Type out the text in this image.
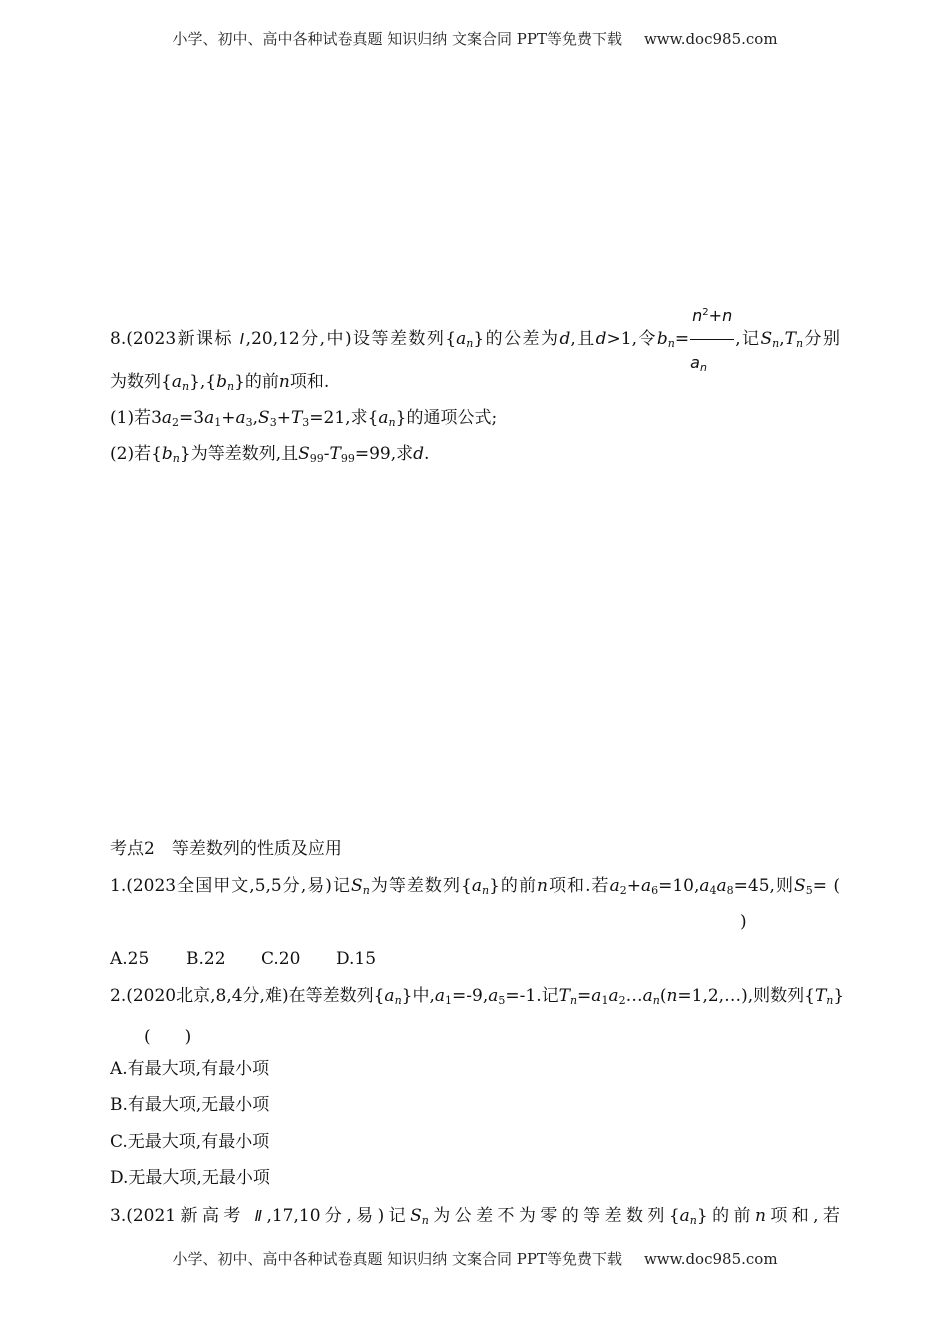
小学、初中、高中各种试卷真题 知识归纳 文案合同 PPT等免费下载 www.doc985.com
8.(2023新课标 Ⅰ,20,12分,中)设等差数列$\{a_n\}$的公差为d,且d>1,令$b_n= \frac{n^2+n}{a_n}$ ,记$S_n,T_n$分别
为数列$\{a_n\},\{b_n\}$的前n项和.
(1)若$3a_2=3a_1+a_3,S_3+T_3=21$,求$\{a_n\}$的通项公式;
(2)若$\{b_n\}$为等差数列,且$S_{99}-T_{99}=99$,求d.
考点2　等差数列的性质及应用
1.(2023全国甲文,5,5分,易)记$S_n$为等差数列$\{a_n\}$的前n项和.若$a_2+a_6=10,a_4a_8=45$,则$S_5=$ (
)
A.25 B.22 C.20 D.15
2.(2020北京,8,4分,难)在等差数列$\{a_n\}$中$,a_1=-9,a_5=-1$.记$T_n=a_1a_2\dots a_n(n=1,2,\dots)$,则数列$\{T_n\}$
(　　)
A.有最大项,有最小项
B.有最大项,无最小项
C.无最大项,有最小项
D.无最大项,无最小项
3.(2021新高考 Ⅱ,17,10分,易)记$S_n$为公差不为零的等差数列$\{a_n\}$的前n项和,若
小学、初中、高中各种试卷真题 知识归纳 文案合同 PPT等免费下载 www.doc985.com
